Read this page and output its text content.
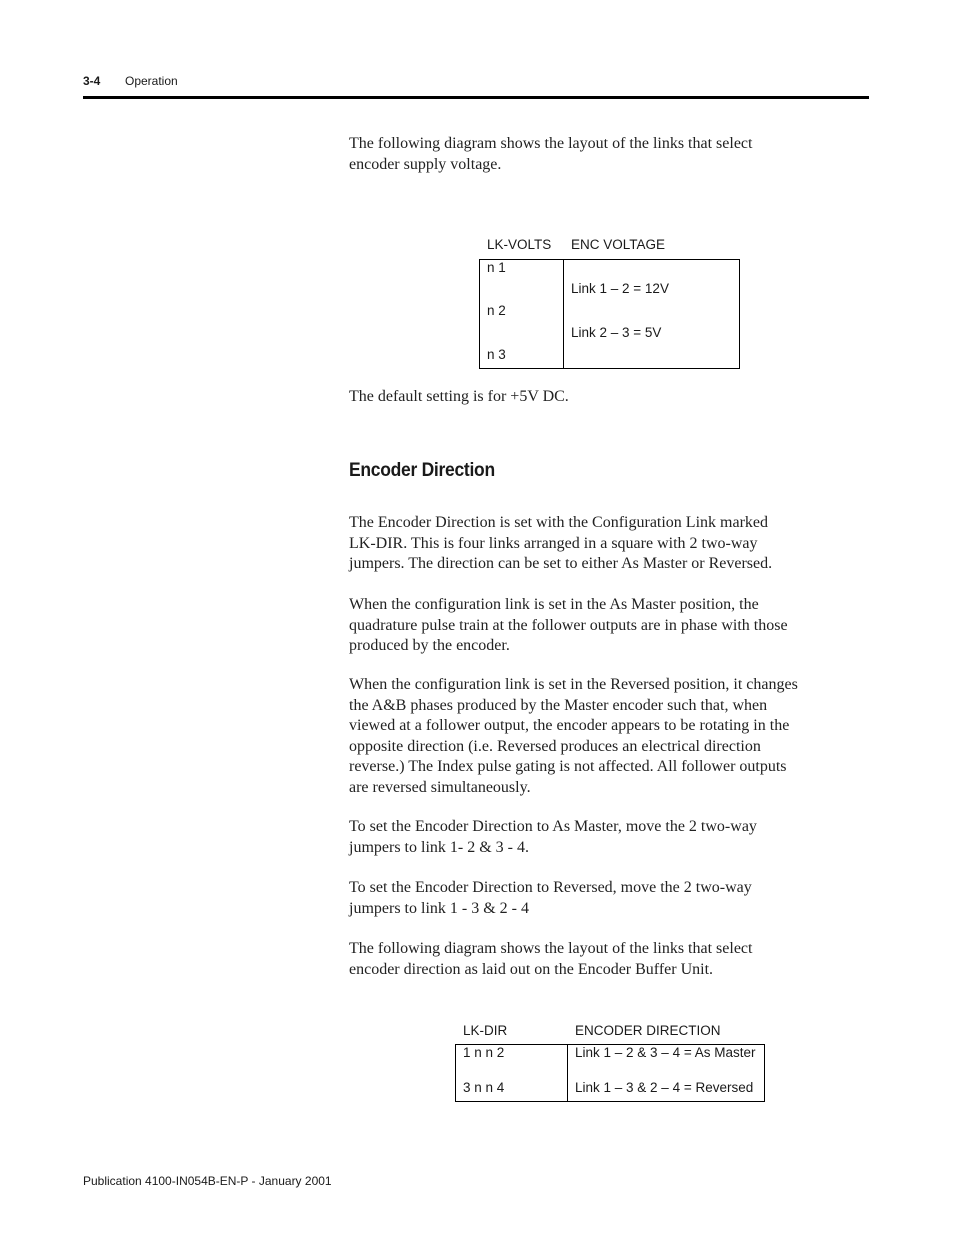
3-4 Operation
The following diagram shows the layout of the links that select
encoder supply voltage.
LK-VOLTS ENC VOLTAGE
n 1
n 2
n 3
Link 1 – 2 = 12V
Link 2 – 3 = 5V
The default setting is for +5V DC.
Encoder Direction
The Encoder Direction is set with the Configuration Link marked
LK-DIR. This is four links arranged in a square with 2 two-way
jumpers. The direction can be set to either As Master or Reversed.
When the configuration link is set in the As Master position, the
quadrature pulse train at the follower outputs are in phase with those
produced by the encoder.
When the configuration link is set in the Reversed position, it changes
the A&B phases produced by the Master encoder such that, when
viewed at a follower output, the encoder appears to be rotating in the
opposite direction (i.e. Reversed produces an electrical direction
reverse.) The Index pulse gating is not affected. All follower outputs
are reversed simultaneously.
To set the Encoder Direction to As Master, move the 2 two-way
jumpers to link 1- 2 & 3 - 4.
To set the Encoder Direction to Reversed, move the 2 two-way
jumpers to link 1 - 3 & 2 - 4
The following diagram shows the layout of the links that select
encoder direction as laid out on the Encoder Buffer Unit.
LK-DIR	ENCODER DIRECTION
1 n n 2
3 n n 4
Link 1 – 2 & 3 – 4 = As Master
Link 1 – 3 & 2 – 4 = Reversed
Publication 4100-IN054B-EN-P - January 2001
